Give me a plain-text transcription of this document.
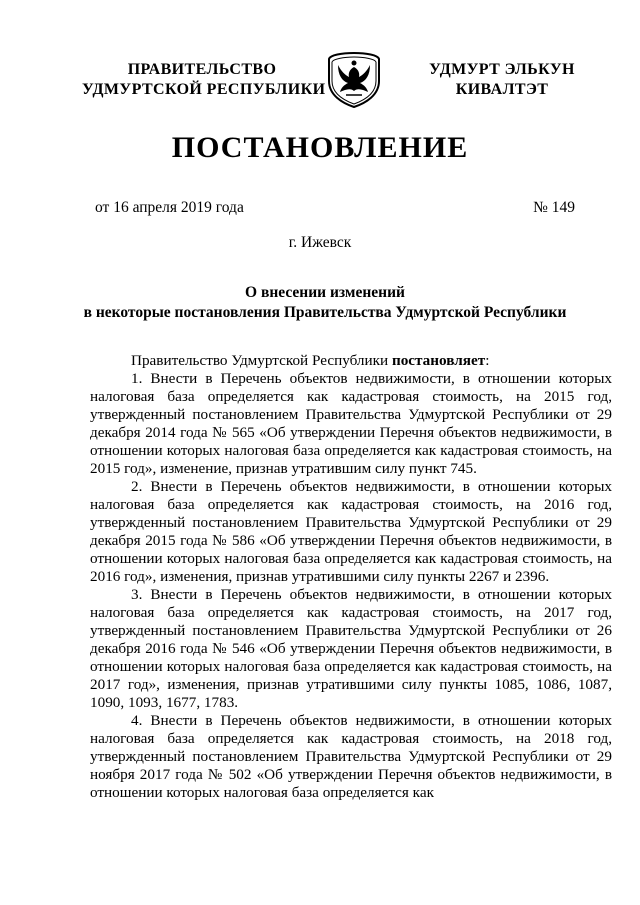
ПРАВИТЕЛЬСТВО
УДМУРТСКОЙ РЕСПУБЛИКИ
УДМУРТ ЭЛЬКУН
КИВАЛТЭТ
ПОСТАНОВЛЕНИЕ
от 16 апреля 2019 года	№ 149
г. Ижевск
О внесении изменений
в некоторые постановления Правительства Удмуртской Республики

Правительство Удмуртской Республики постановляет:

1. Внести в Перечень объектов недвижимости, в отношении которых налоговая база определяется как кадастровая стоимость, на 2015 год, утвержденный постановлением Правительства Удмуртской Республики от 29 декабря 2014 года № 565 «Об утверждении Перечня объектов недвижимости, в отношении которых налоговая база определяется как кадастровая стоимость, на 2015 год», изменение, признав утратившим силу пункт 745.

2. Внести в Перечень объектов недвижимости, в отношении которых налоговая база определяется как кадастровая стоимость, на 2016 год, утвержденный постановлением Правительства Удмуртской Республики от 29 декабря 2015 года № 586 «Об утверждении Перечня объектов недвижимости, в отношении которых налоговая база определяется как кадастровая стоимость, на 2016 год», изменения, признав утратившими силу пункты 2267 и 2396.

3. Внести в Перечень объектов недвижимости, в отношении которых налоговая база определяется как кадастровая стоимость, на 2017 год, утвержденный постановлением Правительства Удмуртской Республики от 26 декабря 2016 года № 546 «Об утверждении Перечня объектов недвижимости, в отношении которых налоговая база определяется как кадастровая стоимость, на 2017 год», изменения, признав утратившими силу пункты 1085, 1086, 1087, 1090, 1093, 1677, 1783.

4. Внести в Перечень объектов недвижимости, в отношении которых налоговая база определяется как кадастровая стоимость, на 2018 год, утвержденный постановлением Правительства Удмуртской Республики от 29 ноября 2017 года № 502 «Об утверждении Перечня объектов недвижимости, в отношении которых налоговая база определяется как
